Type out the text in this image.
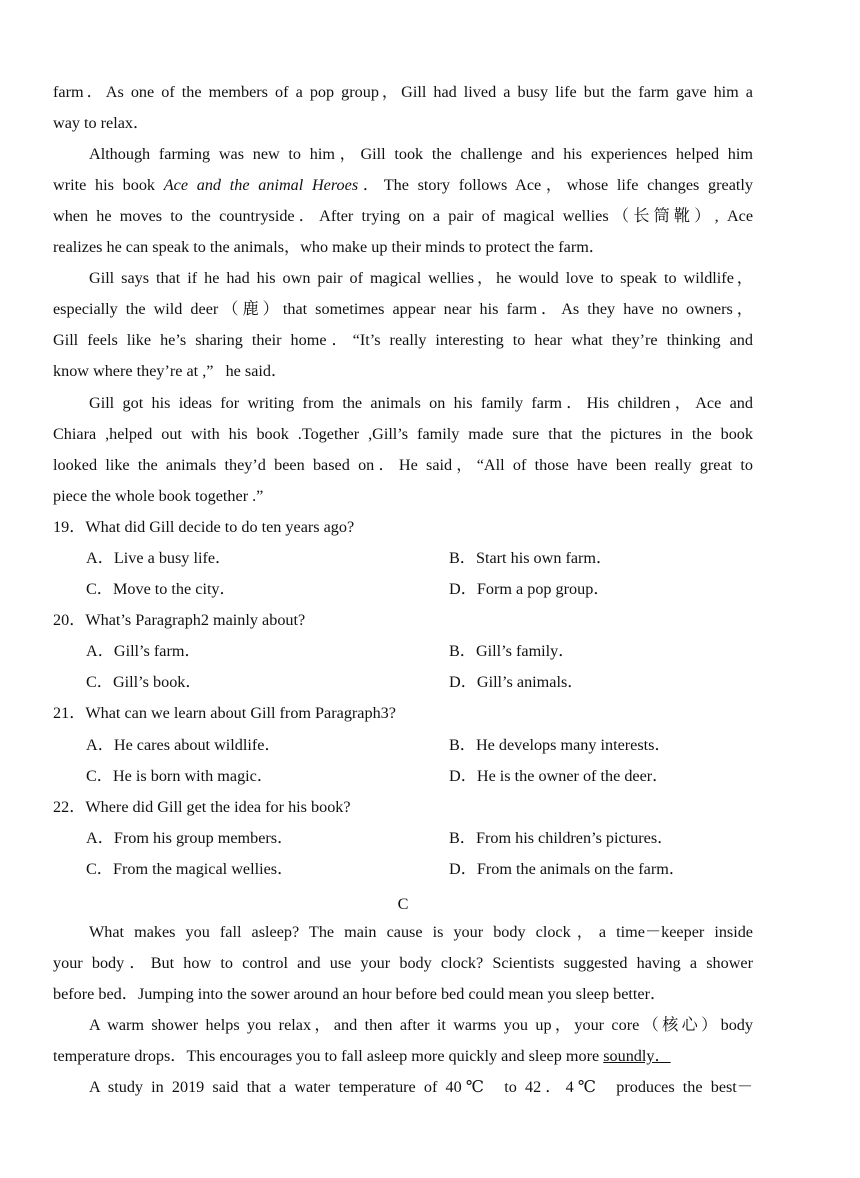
farm．As one of the members of a pop group，Gill had lived a busy life but the farm gave him a
way to relax．
Although farming was new to him，Gill took the challenge and his experiences helped him
write his book Ace and the animal Heroes．The story follows Ace，whose life changes greatly
when he moves to the countryside．After trying on a pair of magical wellies（长筒靴）, Ace
realizes he can speak to the animals，who make up their minds to protect the farm．
Gill says that if he had his own pair of magical wellies，he would love to speak to wildlife，
especially the wild deer（鹿）that sometimes appear near his farm．As they have no owners，
Gill feels like he’s sharing their home．“It’s really interesting to hear what they’re thinking and
know where they’re at ,”   he said．
Gill got his ideas for writing from the animals on his family farm．His children，Ace and
Chiara ,helped out with his book .Together ,Gill’s family made sure that the pictures in the book
looked like the animals they’d been based on．He said，“All of those have been really great to
piece the whole book together .”
19．What did Gill decide to do ten years ago?
A．Live a busy life．	B．Start his own farm．
C．Move to the city．	D．Form a pop group．
20．What’s Paragraph2 mainly about?
A．Gill’s farm．	B．Gill’s family．
C．Gill’s book．	D．Gill’s animals．
21．What can we learn about Gill from Paragraph3?
A．He cares about wildlife．	B．He develops many interests．
C．He is born with magic．	D．He is the owner of the deer．
22．Where did Gill get the idea for his book?
A．From his group members．	B．From his children’s pictures．
C．From the magical wellies．	D．From the animals on the farm．
C
What makes you fall asleep? The main cause is your body clock，a time－keeper inside
your body．But how to control and use your body clock? Scientists suggested having a shower
before bed．Jumping into the sower around an hour before bed could mean you sleep better．
A warm shower helps you relax，and then after it warms you up，your core（核心）body
temperature drops．This encourages you to fall asleep more quickly and sleep more soundly．
A study in 2019 said that a water temperature of 40℃  to 42．4℃  produces the best－
